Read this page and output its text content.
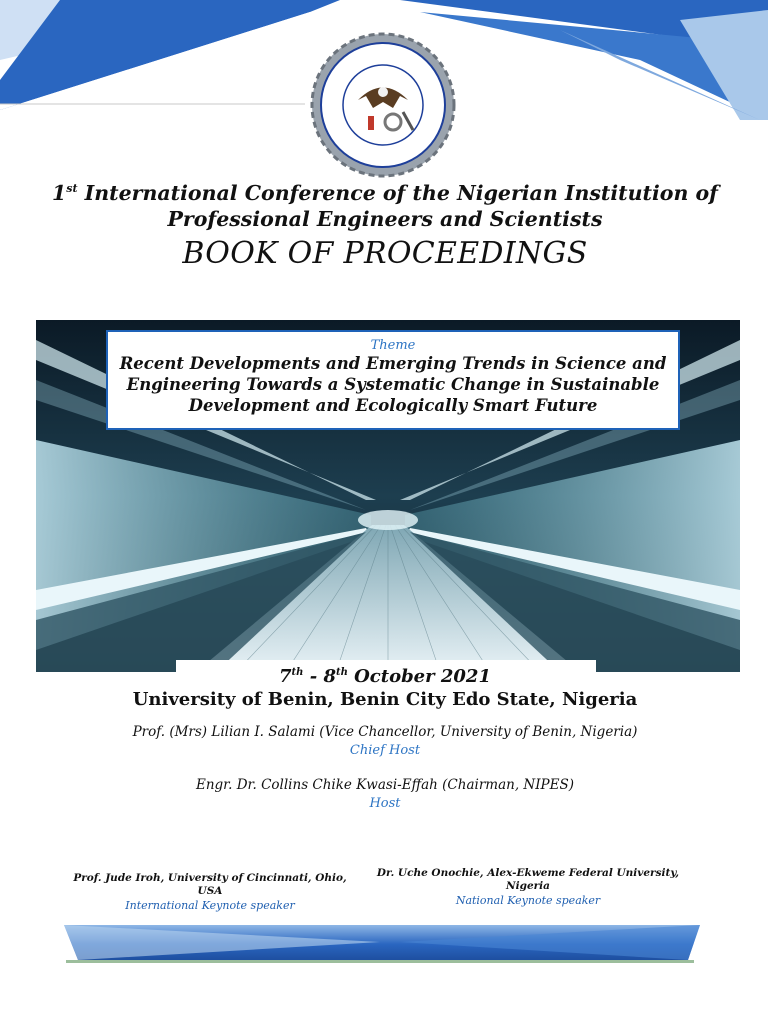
1st International Conference of the Nigerian Institution of
Professional Engineers and Scientists
BOOK OF PROCEEDINGS
Theme
Recent Developments and Emerging Trends in Science and
Engineering Towards a Systematic Change in Sustainable
Development and Ecologically Smart Future
7th - 8th October 2021
University of Benin, Benin City Edo State, Nigeria
Prof. (Mrs) Lilian I. Salami (Vice Chancellor, University of Benin, Nigeria)
Chief Host
Engr. Dr. Collins Chike Kwasi-Effah (Chairman, NIPES)
Host
Prof. Jude Iroh, University of Cincinnati, Ohio,
USA
International Keynote speaker
Dr. Uche Onochie, Alex-Ekweme Federal University,
Nigeria
National Keynote speaker
